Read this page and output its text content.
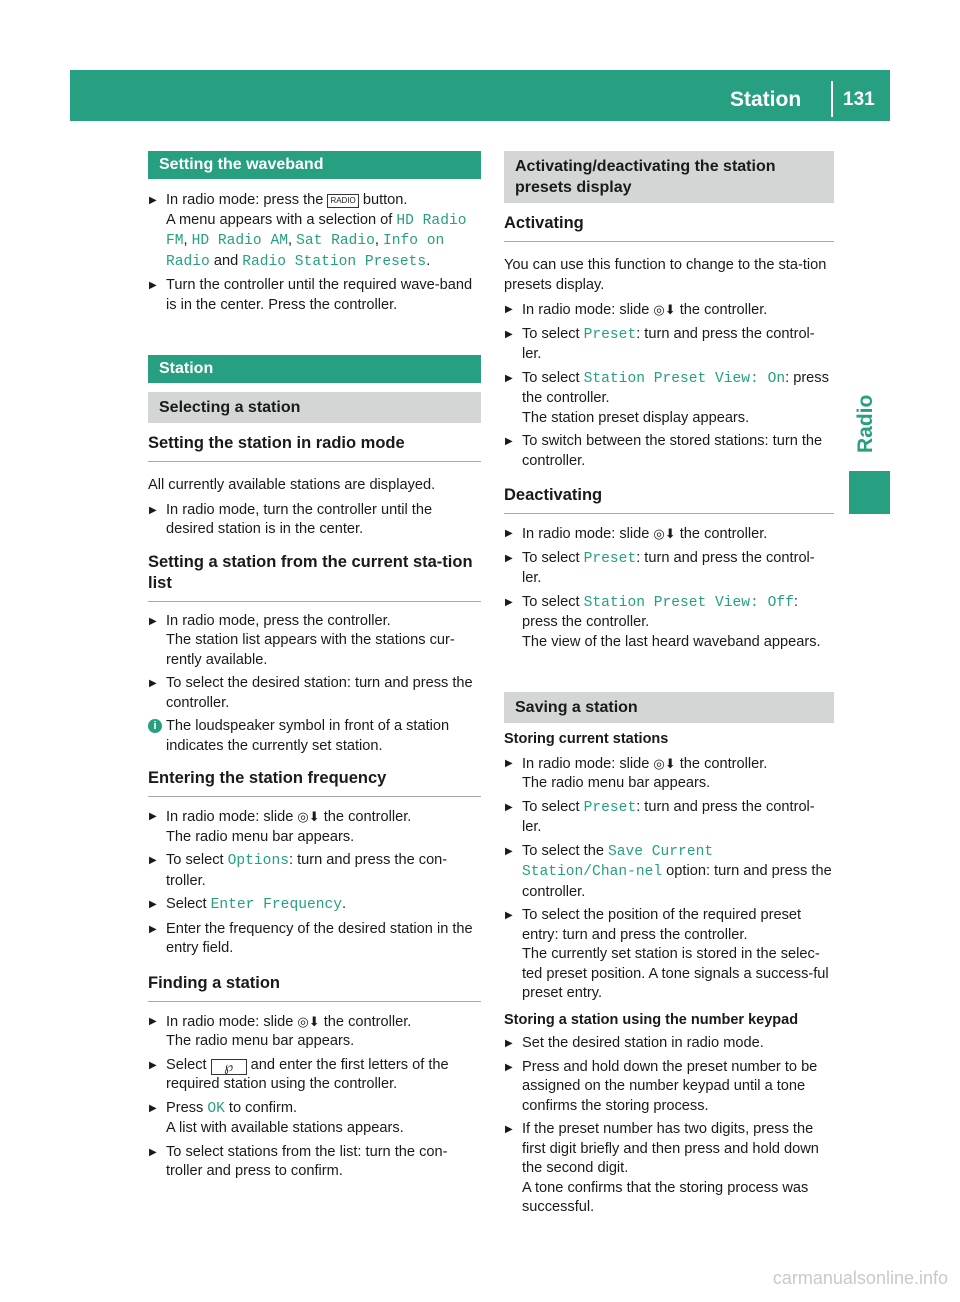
Station 131
Radio
Setting the waveband
▶ In radio mode: press the RADIO button.
A menu appears with a selection of HD Radio FM, HD Radio AM, Sat Radio, Info on Radio and Radio Station Presets.
▶ Turn the controller until the required wave-band is in the center. Press the controller.
Station
Selecting a station
Setting the station in radio mode

All currently available stations are displayed.

▶ In radio mode, turn the controller until the desired station is in the center.
Setting a station from the current sta-tion list
▶ In radio mode, press the controller.
The station list appears with the stations cur-rently available.
▶ To select the desired station: turn and press the controller.
i The loudspeaker symbol in front of a station indicates the currently set station.
Entering the station frequency
▶ In radio mode: slide ◎⬇ the controller.
The radio menu bar appears.
▶ To select Options: turn and press the con-troller.
▶ Select Enter Frequency.
▶ Enter the frequency of the desired station in the entry field.
Finding a station
▶ In radio mode: slide ◎⬇ the controller.
The radio menu bar appears.
▶ Select ℘ and enter the first letters of the required station using the controller.
▶ Press OK to confirm.
A list with available stations appears.
▶ To select stations from the list: turn the con-troller and press to confirm.
Activating/deactivating the station presets display
Activating

You can use this function to change to the sta-tion presets display.

▶ In radio mode: slide ◎⬇ the controller.
▶ To select Preset: turn and press the control-ler.
▶ To select Station Preset View: On: press the controller.
The station preset display appears.
▶ To switch between the stored stations: turn the controller.
Deactivating
▶ In radio mode: slide ◎⬇ the controller.
▶ To select Preset: turn and press the control-ler.
▶ To select Station Preset View: Off:
press the controller.
The view of the last heard waveband appears.
Saving a station
Storing current stations
▶ In radio mode: slide ◎⬇ the controller.
The radio menu bar appears.
▶ To select Preset: turn and press the control-ler.
▶ To select the Save Current Station/Chan-nel option: turn and press the controller.
▶ To select the position of the required preset entry: turn and press the controller.
The currently set station is stored in the selec-ted preset position. A tone signals a success-ful preset entry.
Storing a station using the number keypad
▶ Set the desired station in radio mode.
▶ Press and hold down the preset number to be assigned on the number keypad until a tone confirms the storing process.
▶ If the preset number has two digits, press the first digit briefly and then press and hold down the second digit.
A tone confirms that the storing process was successful.
carmanualsonline.info
